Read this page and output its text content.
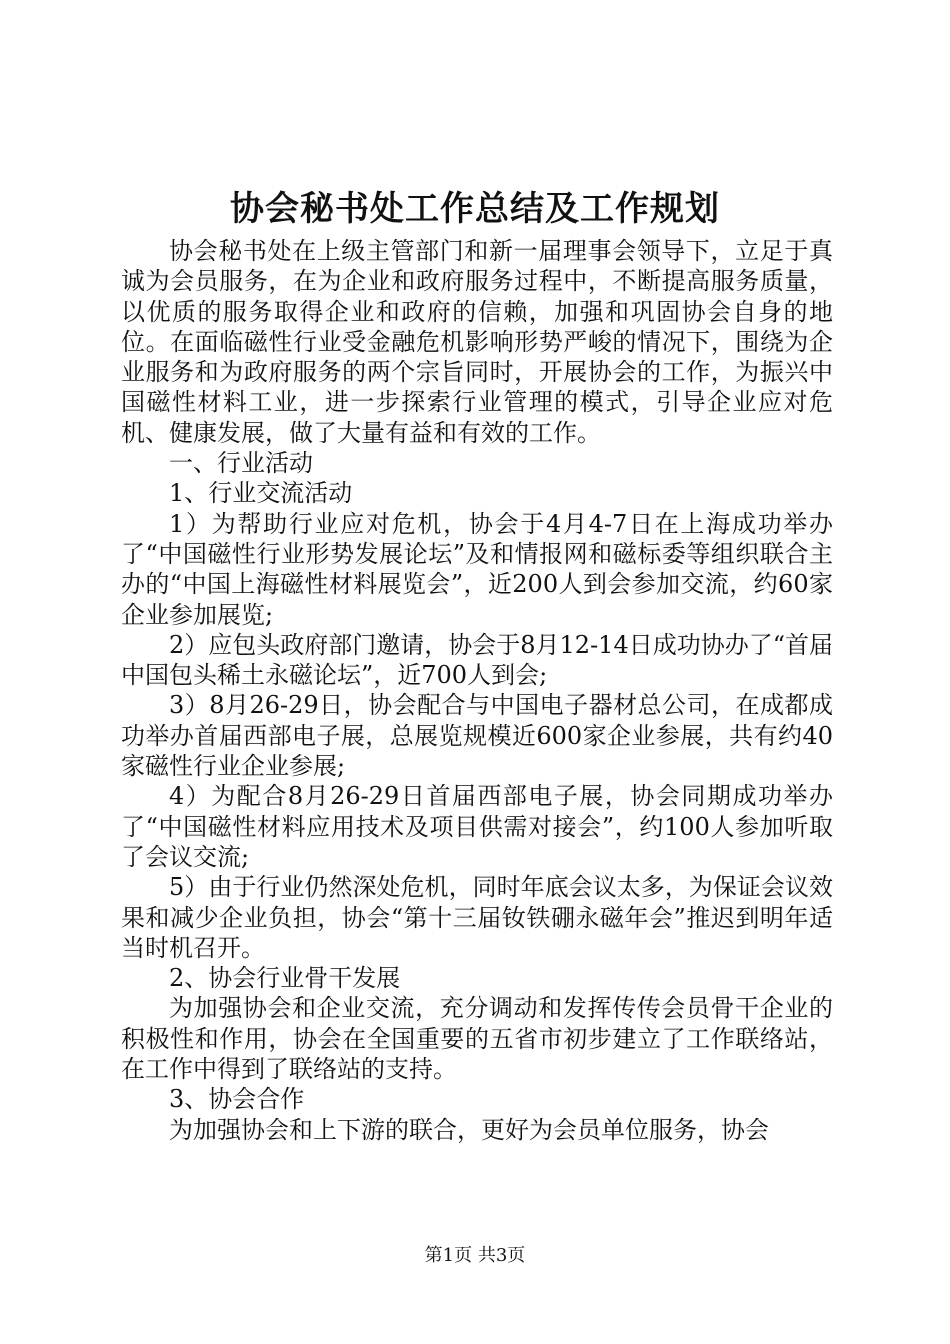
协会秘书处工作总结及工作规划

协会秘书处在上级主管部门和新一届理事会领导下，立足于真诚为会员服务，在为企业和政府服务过程中，不断提高服务质量，以优质的服务取得企业和政府的信赖，加强和巩固协会自身的地位。在面临磁性行业受金融危机影响形势严峻的情况下，围绕为企业服务和为政府服务的两个宗旨同时，开展协会的工作，为振兴中国磁性材料工业，进一步探索行业管理的模式，引导企业应对危机、健康发展，做了大量有益和有效的工作。

一、行业活动

1、行业交流活动

1）为帮助行业应对危机，协会于4月4-7日在上海成功举办了“中国磁性行业形势发展论坛”及和情报网和磁标委等组织联合主办的“中国上海磁性材料展览会”，近200人到会参加交流，约60家企业参加展览;

2）应包头政府部门邀请，协会于8月12-14日成功协办了“首届中国包头稀土永磁论坛”，近700人到会;

3）8月26-29日，协会配合与中国电子器材总公司，在成都成功举办首届西部电子展，总展览规模近600家企业参展，共有约40家磁性行业企业参展;

4）为配合8月26-29日首届西部电子展，协会同期成功举办了“中国磁性材料应用技术及项目供需对接会”，约100人参加听取了会议交流;

5）由于行业仍然深处危机，同时年底会议太多，为保证会议效果和减少企业负担，协会“第十三届钕铁硼永磁年会”推迟到明年适当时机召开。

2、协会行业骨干发展

为加强协会和企业交流，充分调动和发挥传传会员骨干企业的积极性和作用，协会在全国重要的五省市初步建立了工作联络站，在工作中得到了联络站的支持。

3、协会合作

为加强协会和上下游的联合，更好为会员单位服务，协会

第1页 共3页
